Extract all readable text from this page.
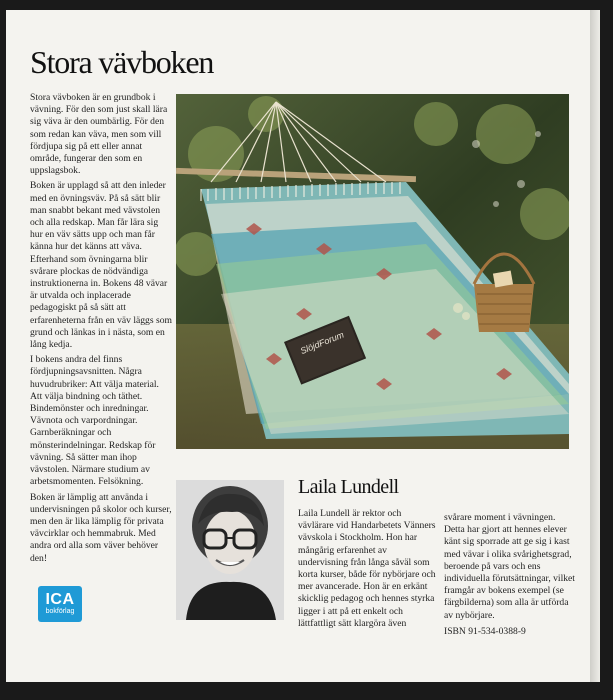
Stora vävboken

Stora vävboken är en grundbok i vävning. För den som just skall lära sig väva är den oumbärlig. För den som redan kan väva, men som vill fördjupa sig på ett eller annat område, fungerar den som en uppslagsbok.

Boken är upplagd så att den inleder med en övningsväv. På så sätt blir man snabbt bekant med vävstolen och alla redskap. Man får lära sig hur en väv sätts upp och man får känna hur det känns att väva. Efterhand som övningarna blir svårare plockas de nödvändiga instruktionerna in. Bokens 48 vävar är utvalda och inplacerade pedagogiskt på så sätt att erfarenheterna från en väv läggs som grund och länkas in i nästa, som en lång kedja.

I bokens andra del finns fördjupningsavsnitten. Några huvudrubriker: Att välja material. Att välja bindning och täthet. Bindemönster och inredningar. Vävnota och varpordningar. Garnberäkningar och mönsterindelningar. Redskap för vävning. Så sätter man ihop vävstolen. Närmare studium av arbetsmomenten. Felsökning.

Boken är lämplig att använda i undervisningen på skolor och kurser, men den är lika lämplig för privata vävcirklar och hemmabruk. Med andra ord alla som väver behöver den!

SlöjdForum
Laila Lundell

Laila Lundell är rektor och vävlärare vid Handarbetets Vänners vävskola i Stockholm. Hon har mångårig erfarenhet av undervisning från långa såväl som korta kurser, både för nybörjare och mer avancerade. Hon är en erkänt skicklig pedagog och hennes styrka ligger i att på ett enkelt och lättfattligt sätt klargöra även

svårare moment i vävningen. Detta har gjort att hennes elever känt sig sporrade att ge sig i kast med vävar i olika svårighetsgrad, beroende på vars och ens individuella förutsättningar, vilket framgår av bokens exempel (se färgbilderna) som alla är utförda av nybörjare.

ISBN 91-534-0388-9

ICA
bokförlag
